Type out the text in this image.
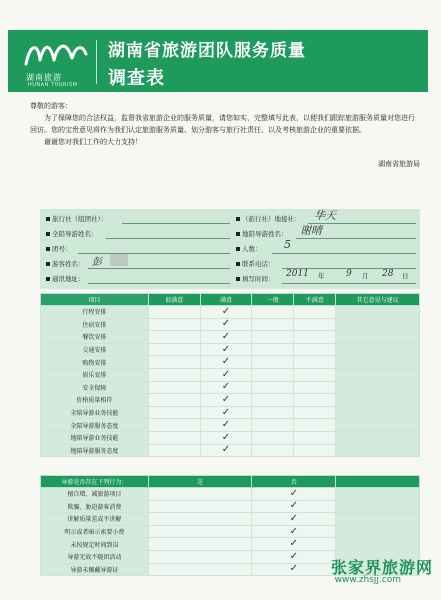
湖南旅游
HUNAN TOURISM
湖南省旅游团队服务质量
调查表

尊敬的游客：

为了保障您的合法权益，监督我省旅游企业的服务质量，请您如实、完整填写此表，以便我们跟踪旅游服务质量对您进行回访。您的宝贵意见将作为我们认定旅游服务质量、划分游客与旅行社责任、以及考核旅游企业的重要依据。

谢谢您对我们工作的大力支持！

湖南省旅游局
旅行社（组团社）：	（旅行社）地接社： 华天
全陪导游姓名：	地陪导游姓名： 谢晴
团号：	人数： 5
游客姓名： 彭	联系电话：
通讯地址：	填写时间： 2011 年 9 月 28 日
项目	很满意	满意	一般	不满意	其它意见与建议
行程安排		✓			
住宿安排		✓			
餐饮安排		✓			
交通安排		✓			
购物安排		✓			
娱乐安排		✓			
安全保障		✓			
价格质量相符		✓			
全陪导游业务技能		✓			
全陪导游服务态度		✓			
地陪导游业务技能		✓			
地陪导游服务态度		✓			
导游是否存在下列行为：	是	否	
擅自增、减旅游项目		✓	
欺骗、胁迫游客消费		✓	
讲解质量差或不讲解		✓	
明示或者暗示索要小费		✓	
未按规定时间到岗		✓	
导游无故不随团活动		✓	
导游未佩戴导游证		✓	张家界旅游网
www.zhsjj.com
